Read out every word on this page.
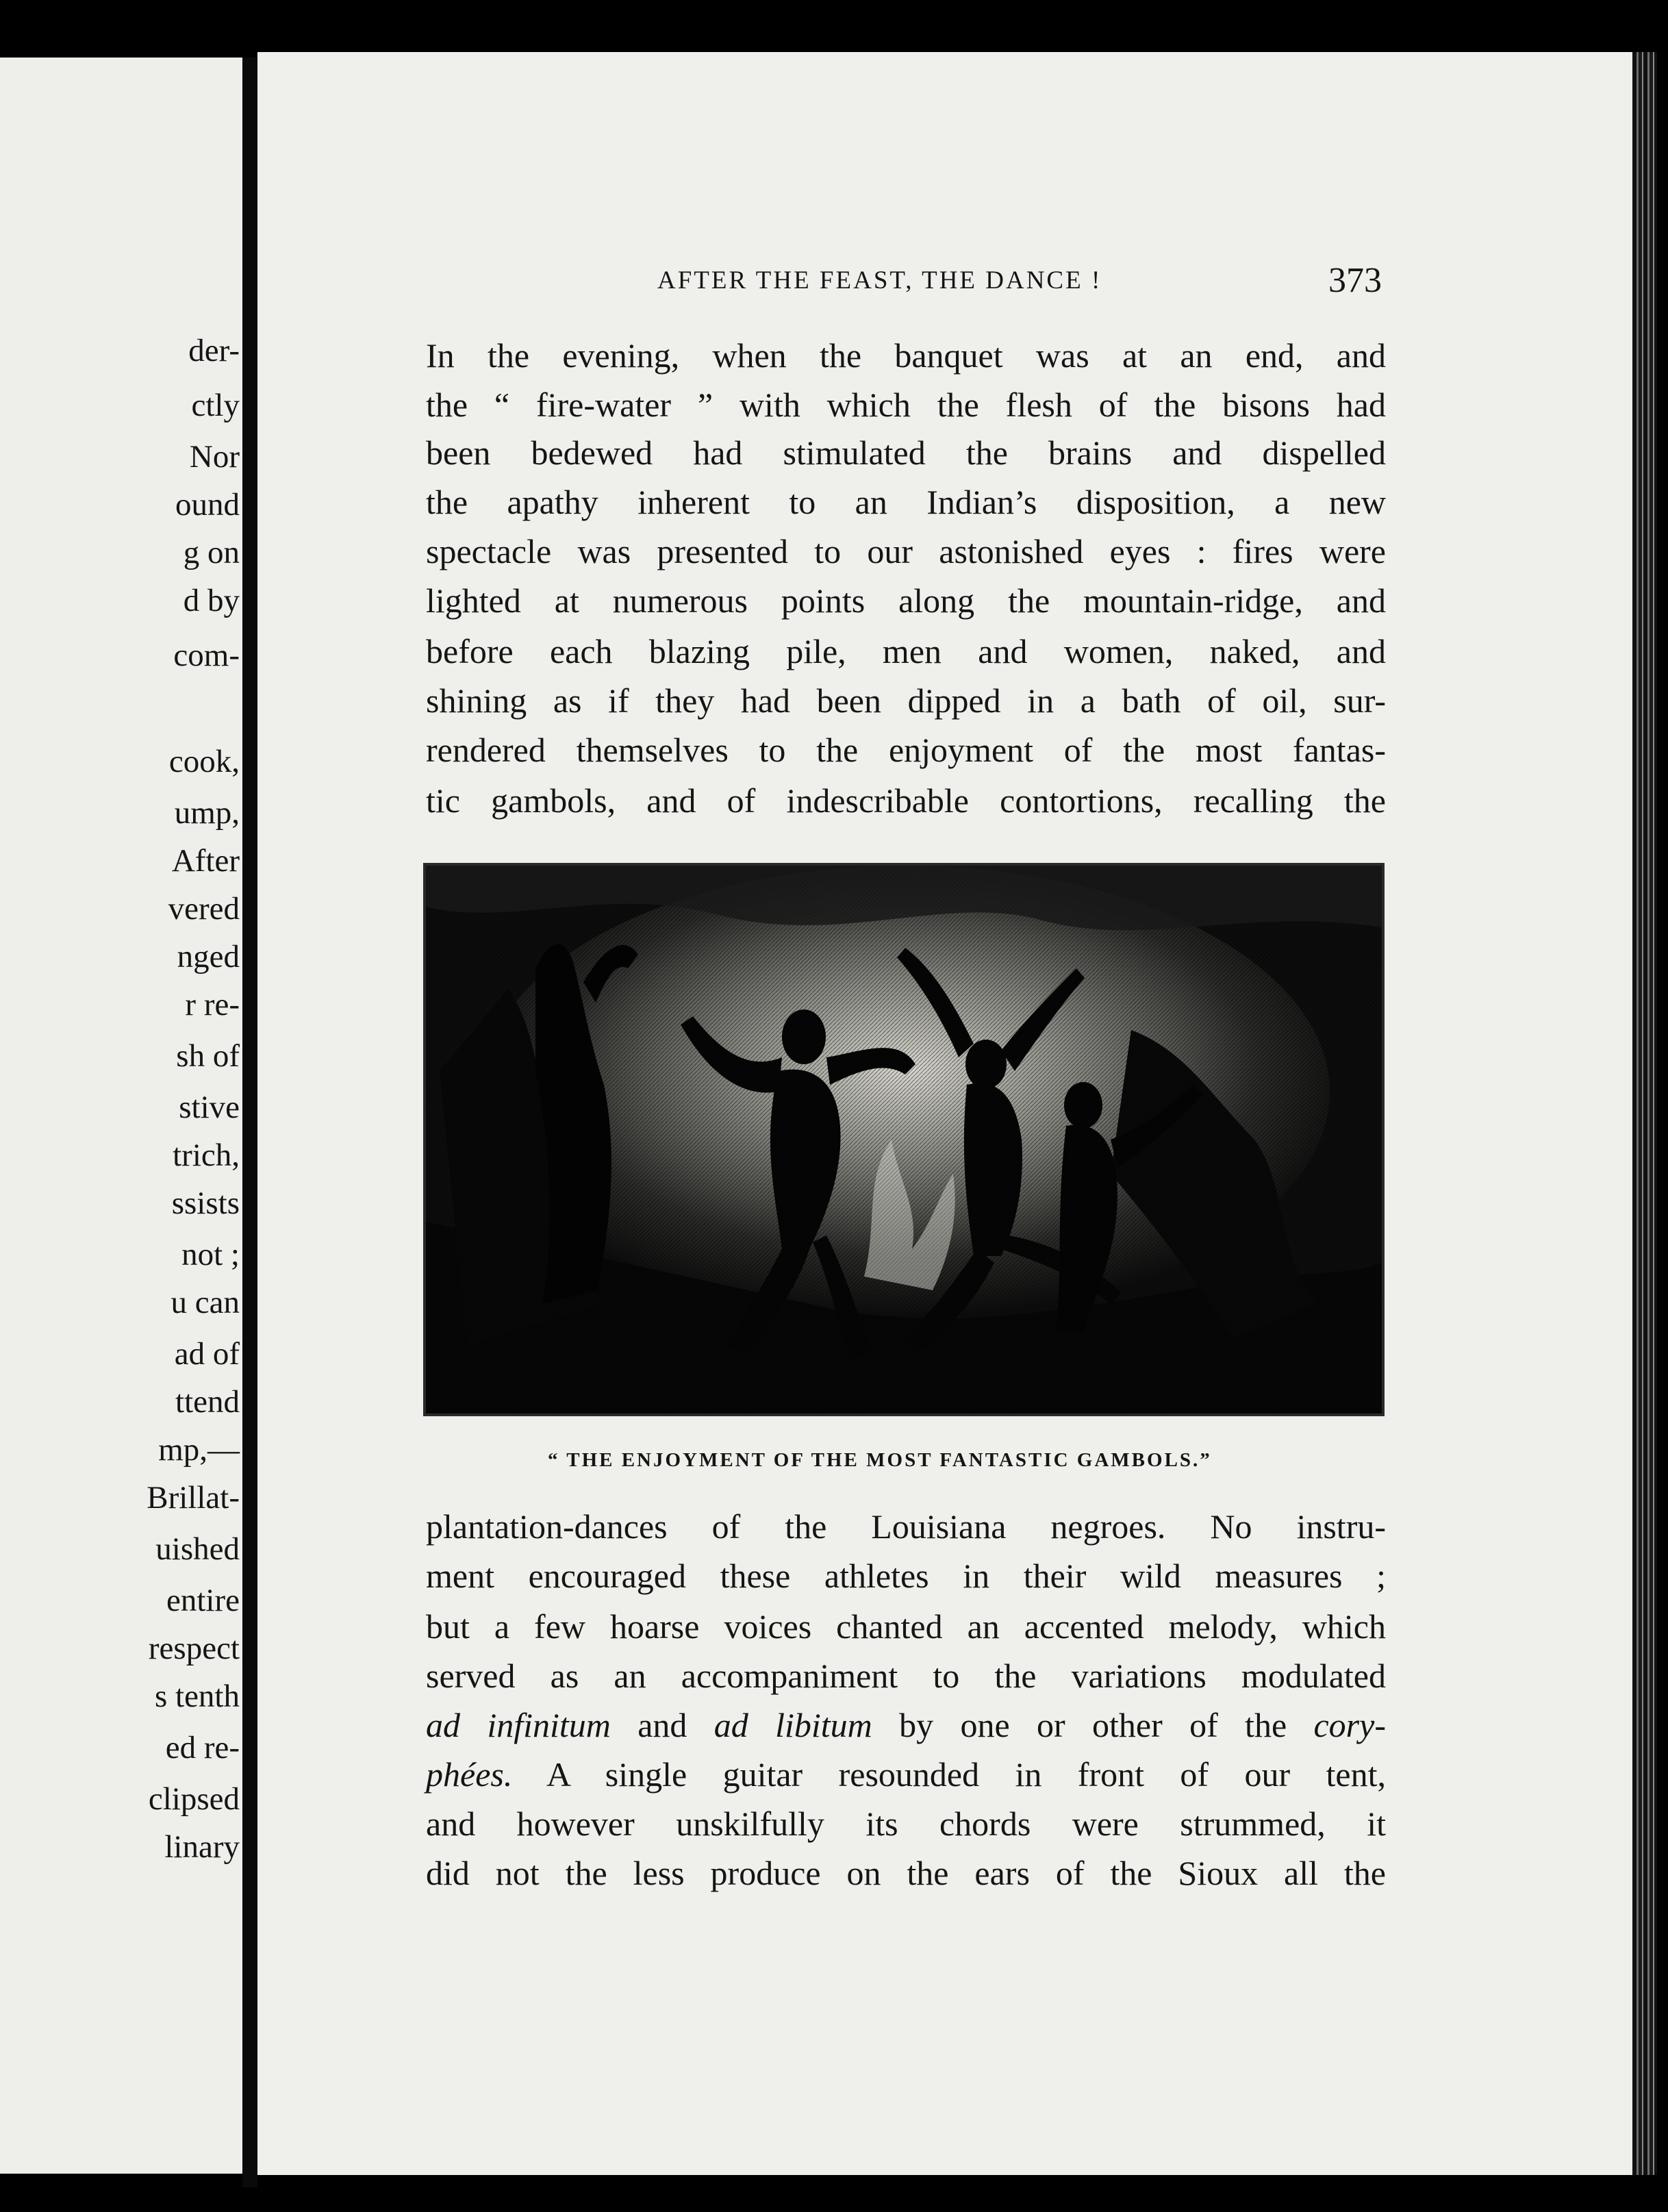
der-
ctly
Nor
ound
g on
d by
com-
cook,
ump,
After
vered
nged
r re-
sh of
stive
trich,
ssists
not ;
u can
ad of
ttend
mp,—
Brillat-
uished
entire
respect
s tenth
ed re-
clipsed
linary
AFTER THE FEAST, THE DANCE !	373
In the evening, when the banquet was at an end, and
the “ fire-water ” with which the flesh of the bisons had
been bedewed had stimulated the brains and dispelled
the apathy inherent to an Indian’s disposition, a new
spectacle was presented to our astonished eyes : fires were
lighted at numerous points along the mountain-ridge, and
before each blazing pile, men and women, naked, and
shining as if they had been dipped in a bath of oil, sur-
rendered themselves to the enjoyment of the most fantas-
tic gambols, and of indescribable contortions, recalling the
“ THE ENJOYMENT OF THE MOST FANTASTIC GAMBOLS.”
plantation-dances of the Louisiana negroes. No instru-
ment encouraged these athletes in their wild measures ;
but a few hoarse voices chanted an accented melody, which
served as an accompaniment to the variations modulated
ad infinitum and ad libitum by one or other of the cory-
phées. A single guitar resounded in front of our tent,
and however unskilfully its chords were strummed, it
did not the less produce on the ears of the Sioux all the
